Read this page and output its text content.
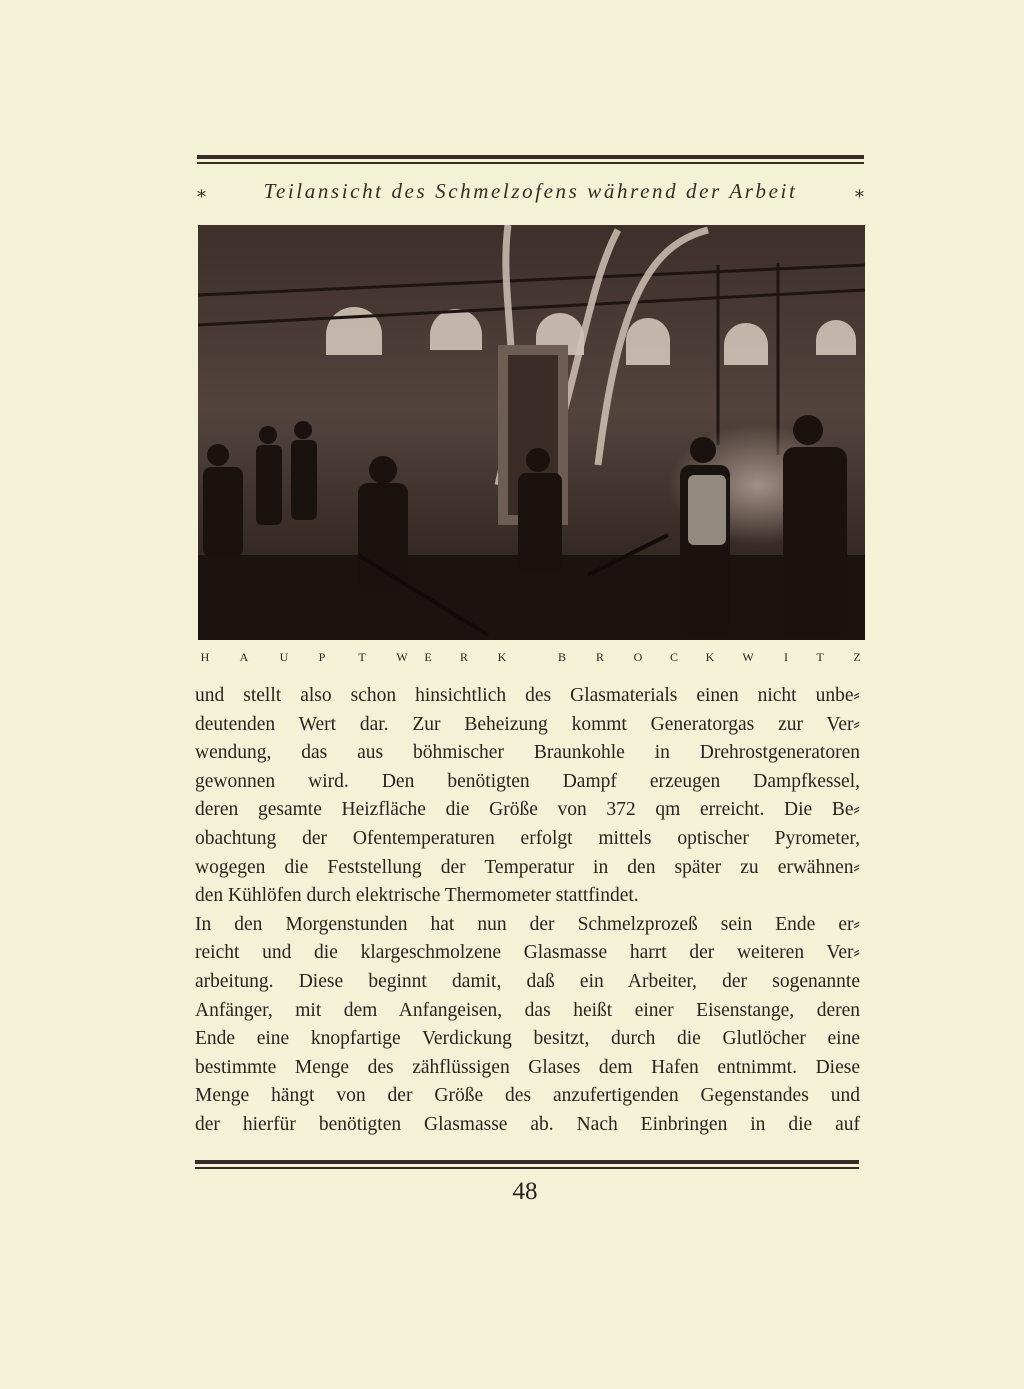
⁎	Teilansicht des Schmelzofens während der Arbeit	⁎
H	A	U	P	T	W E R K	B R O C K W	I T Z
und stellt also schon hinsichtlich des Glasmaterials einen nicht unbe⸗
deutenden Wert dar. Zur Beheizung kommt Generatorgas zur Ver⸗
wendung, das aus böhmischer Braunkohle in Drehrostgeneratoren
gewonnen wird. Den benötigten Dampf erzeugen Dampfkessel,
deren gesamte Heizfläche die Größe von 372 qm erreicht. Die Be⸗
obachtung der Ofentemperaturen erfolgt mittels optischer Pyrometer,
wogegen die Feststellung der Temperatur in den später zu erwähnen⸗
den Kühlöfen durch elektrische Thermometer stattfindet.
In den Morgenstunden hat nun der Schmelzprozeß sein Ende er⸗
reicht und die klargeschmolzene Glasmasse harrt der weiteren Ver⸗
arbeitung. Diese beginnt damit, daß ein Arbeiter, der sogenannte
Anfänger, mit dem Anfangeisen, das heißt einer Eisenstange, deren
Ende eine knopfartige Verdickung besitzt, durch die Glutlöcher eine
bestimmte Menge des zähflüssigen Glases dem Hafen entnimmt. Diese
Menge hängt von der Größe des anzufertigenden Gegenstandes und
der hierfür benötigten Glasmasse ab. Nach Einbringen in die auf
48
